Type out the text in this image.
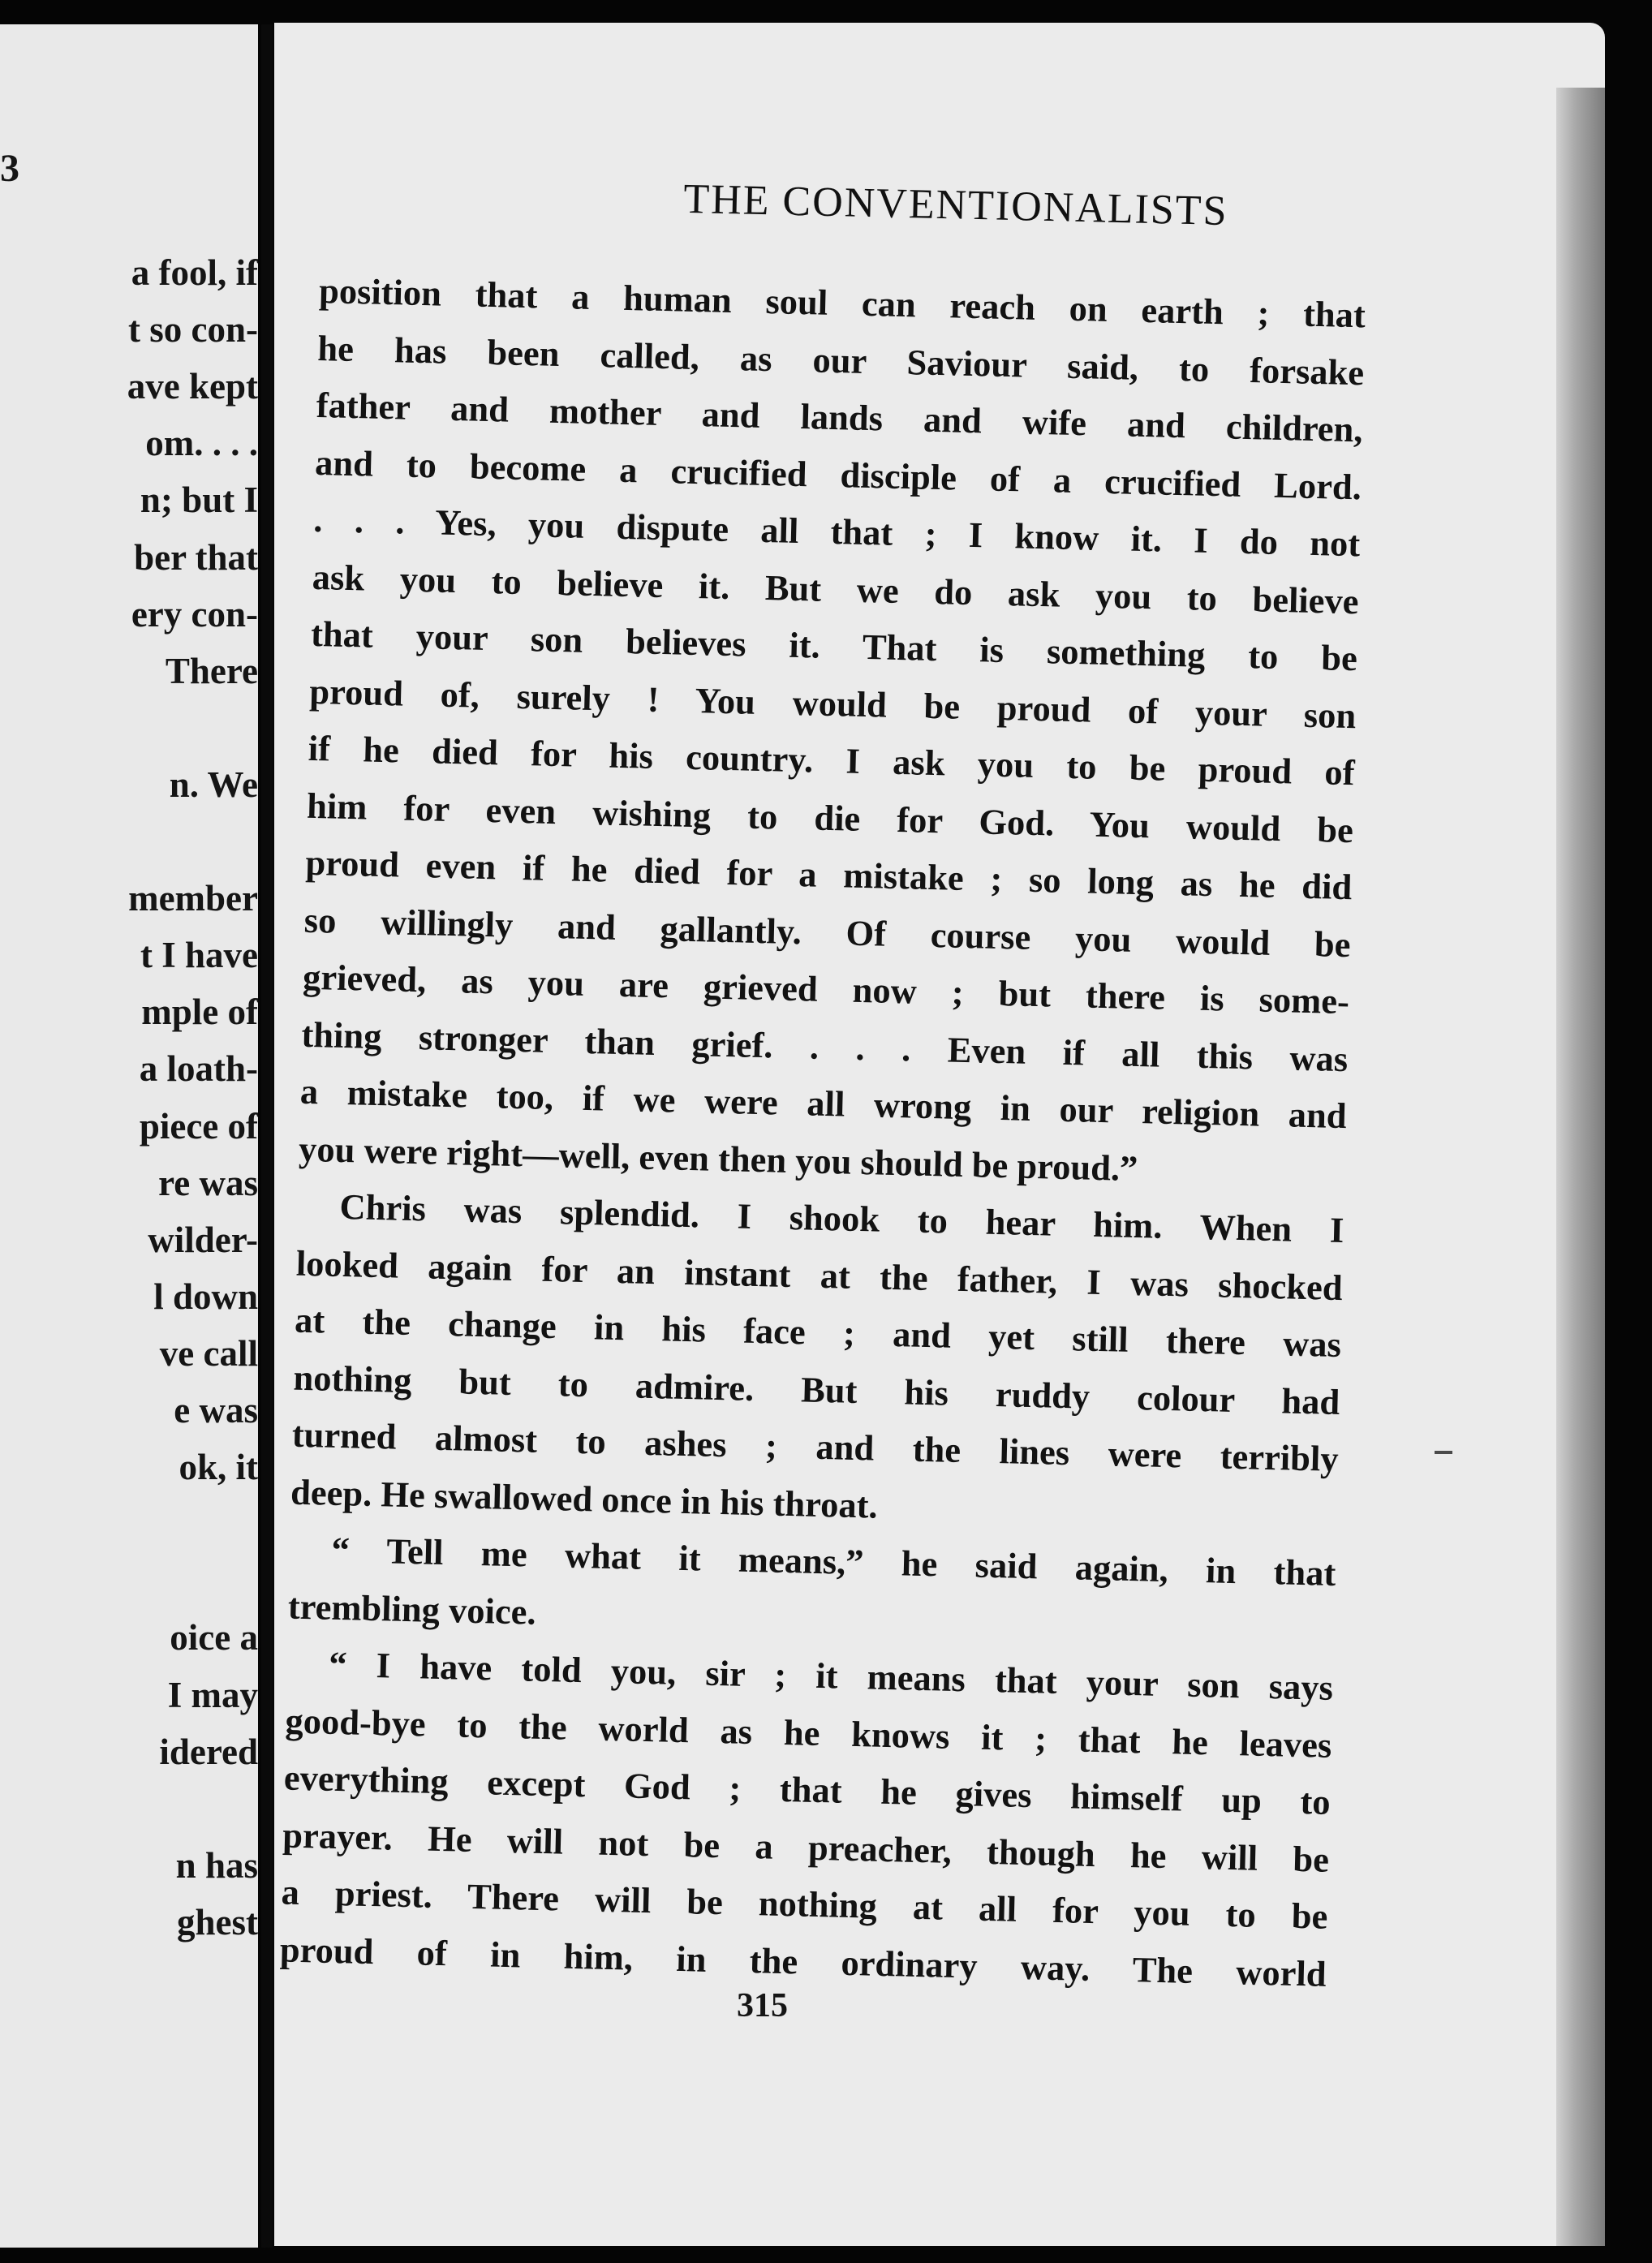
3
a fool, if
t so con-
ave kept
om. . . .
n; but I
ber that
ery con-
There
n. We
member
t I have
mple of
a loath-
piece of
re was
wilder-
l down
ve call
e was
ok, it
oice a
I may
idered
n has
ghest
THE CONVENTIONALISTS
position that a human soul can reach on earth ; that
he has been called, as our Saviour said, to forsake
father and mother and lands and wife and children,
and to become a crucified disciple of a crucified Lord.
. . . Yes, you dispute all that ; I know it. I do not
ask you to believe it. But we do ask you to believe
that your son believes it. That is something to be
proud of, surely ! You would be proud of your son
if he died for his country. I ask you to be proud of
him for even wishing to die for God. You would be
proud even if he died for a mistake ; so long as he did
so willingly and gallantly. Of course you would be
grieved, as you are grieved now ; but there is some-
thing stronger than grief. . . . Even if all this was
a mistake too, if we were all wrong in our religion and
you were right—well, even then you should be proud.”
Chris was splendid. I shook to hear him. When I
looked again for an instant at the father, I was shocked
at the change in his face ; and yet still there was
nothing but to admire. But his ruddy colour had
turned almost to ashes ; and the lines were terribly
deep. He swallowed once in his throat.
“ Tell me what it means,” he said again, in that
trembling voice.
“ I have told you, sir ; it means that your son says
good-bye to the world as he knows it ; that he leaves
everything except God ; that he gives himself up to
prayer. He will not be a preacher, though he will be
a priest. There will be nothing at all for you to be
proud of in him, in the ordinary way. The world
315
